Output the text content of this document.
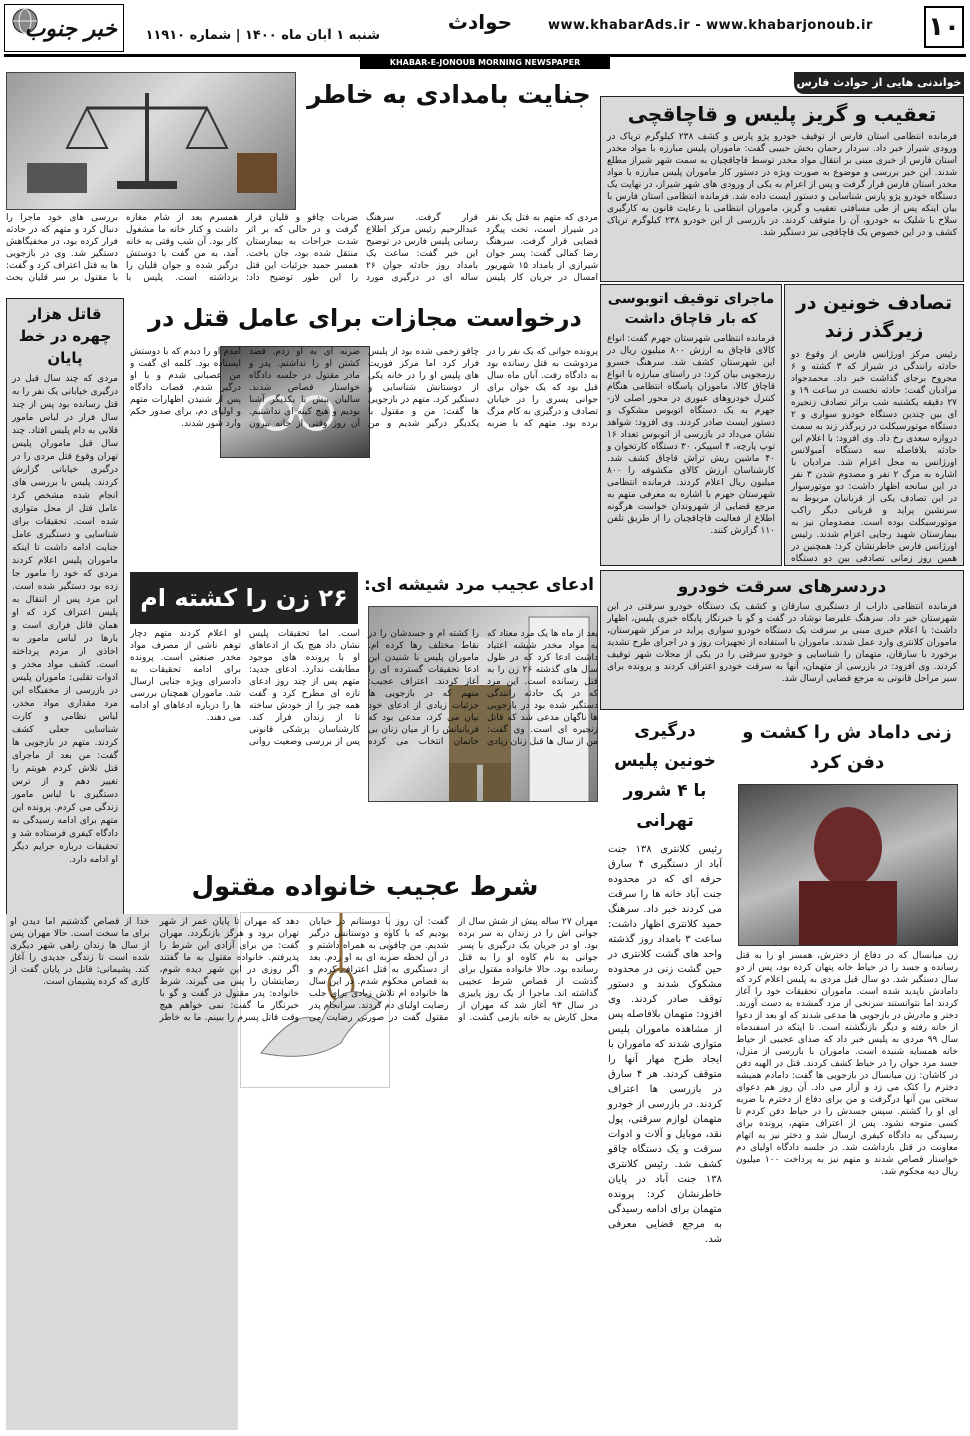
۱۰
www.khabarAds.ir - www.khabarjonoub.ir
حوادث
شنبه ۱ آبان ماه ۱۴۰۰ | شماره ۱۱۹۱۰
خبر جنوب
KHABAR-E-JONOUB MORNING NEWSPAPER
خواندنی هایی از حوادث فارس
تعقیب و گریز پلیس و قاچاقچی
فرمانده انتظامی استان فارس از توقیف خودرو پژو پارس و کشف ۲۳۸ کیلوگرم تریاک در ورودی شیراز خبر داد. سردار رحمان بخش حبیبی گفت: ماموران پلیس مبارزه با مواد مخدر استان فارس از خبری مبنی بر انتقال مواد مخدر توسط قاچاقچیان به سمت شهر شیراز مطلع شدند. این خبر بررسی و موضوع به صورت ویژه در دستور کار ماموران پلیس مبارزه با مواد مخدر استان فارس قرار گرفت و پس از اعزام به یکی از ورودی های شهر شیراز، در نهایت یک دستگاه خودرو پژو پارس شناسایی و دستور ایست داده شد. فرمانده انتظامی استان فارس با بیان اینکه پس از طی مسافتی تعقیب و گریز، ماموران انتظامی با رعایت قانون به کارگیری سلاح با شلیک به خودرو، آن را متوقف کردند. در بازرسی از این خودرو ۲۳۸ کیلوگرم تریاک کشف و در این خصوص یک قاچاقچی نیز دستگیر شد.
تصادف خونین در زیرگذر زند
رئیس مرکز اورژانس فارس از وقوع دو حادثه رانندگی در شیراز که ۳ کشته و ۶ مجروح برجای گذاشت خبر داد. محمدجواد مرادیان گفت: حادثه نخست در ساعت ۱۹ و ۲۷ دقیقه یکشنبه شب براثر تصادف زنجیره ای بین چندین دستگاه خودرو سواری و ۲ دستگاه موتورسیکلت در زیرگذر زند به سمت دروازه سعدی رخ داد. وی افزود: با اعلام این حادثه بلافاصله سه دستگاه آمبولانس اورژانس به محل اعزام شد. مرادیان با اشاره به مرگ ۲ نفر و مصدوم شدن ۳ نفر در این سانحه اظهار داشت: دو موتورسوار در این تصادف یکی از قربانیان مربوط به سرنشین پراید و قربانی دیگر راکب موتورسیکلت بوده است. مصدومان نیز به بیمارستان شهید رجایی اعزام شدند. رئیس اورژانس فارس خاطرنشان کرد: همچنین در همین روز زمانی تصادفی بین دو دستگاه
ماجرای توقیف اتوبوسی که بار قاچاق داشت
فرمانده انتظامی شهرستان جهرم گفت: انواع کالای قاچاق به ارزش ۸۰۰ میلیون ریال در این شهرستان کشف شد. سرهنگ خسرو رزمجویی بیان کرد: در راستای مبارزه با انواع قاچاق کالا، ماموران پاسگاه انتظامی هنگام کنترل خودروهای عبوری در محور اصلی لار-جهرم به یک دستگاه اتوبوس مشکوک و دستور ایست صادر کردند. وی افزود: شواهد نشان می‌داد در بازرسی از اتوبوس تعداد ۱۶ توپ پارچه، ۴ اسپیکر، ۳۰ دستگاه کارتخوان و ۴۰ ماشین ریش تراش قاچاق کشف شد. کارشناسان ارزش کالای مکشوفه را ۸۰۰ میلیون ریال اعلام کردند. فرمانده انتظامی شهرستان جهرم با اشاره به معرفی متهم به مرجع قضایی از شهروندان خواست هرگونه اطلاع از فعالیت قاچاقچیان را از طریق تلفن ۱۱۰ گزارش کنند.
دردسرهای سرقت خودرو
فرمانده انتظامی داراب از دستگیری سارقان و کشف یک دستگاه خودرو سرقتی در این شهرستان خبر داد. سرهنگ علیرضا نوشاد در گفت و گو با خبرنگار پایگاه خبری پلیس، اظهار داشت: با اعلام خبری مبنی بر سرقت یک دستگاه خودرو سواری پراید در مرکز شهرستان، ماموران کلانتری وارد عمل شدند. ماموران با استفاده از تجهیزات روز و در اجرای طرح تشدید برخورد با سارقان، متهمان را شناسایی و خودرو سرقتی را در یکی از محلات شهر توقیف کردند. وی افزود: در بازرسی از متهمان، آنها به سرقت خودرو اعتراف کردند و پرونده برای سیر مراحل قانونی به مرجع قضایی ارسال شد.
جنایت بامدادی به خاطر
مردی که متهم به قتل یک نفر در شیراز است، تحت پیگرد قضایی قرار گرفت. سرهنگ رضا کمالی گفت: پسر جوان شیرازی از بامداد ۱۵ شهریور امسال در جریان کار پلیس قرار گرفت. سرهنگ عبدالرحیم رئیس مرکز اطلاع رسانی پلیس فارس در توضیح این خبر گفت: ساعت یک بامداد روز حادثه جوان ۲۶ ساله ای در درگیری مورد ضربات چاقو و قلیان قرار گرفت و در حالی که بر اثر شدت جراحات به بیمارستان منتقل شده بود، جان باخت. همسر حمید جزئیات این قتل را این طور توضیح داد: همسرم بعد از شام مغازه داشت و کنار خانه ما مشغول کار بود. آن شب وقتی به خانه آمد، به من گفت با دوستش درگیر شده و جوان قلیان را برداشته است. پلیس با بررسی های خود ماجرا را دنبال کرد و متهم که در حادثه فرار کرده بود، در مخفیگاهش دستگیر شد. وی در بازجویی ها به قتل اعتراف کرد و گفت: با مقتول بر سر قلیان بحث
درخواست مجازات برای عامل قتل در
پرونده جوانی که یک نفر را در مزدوشت به قتل رسانده بود به دادگاه رفت. آبان ماه سال قبل بود که یک جوان برای جوانی پسری را در خیابان تصادف و درگیری به کام مرگ برده بود. متهم که با ضربه چاقو زخمی شده بود از پلیس فرار کرد اما مرکز فوریت های پلیس او را در خانه یکی از دوستانش شناسایی و دستگیر کرد. متهم در بازجویی ها گفت: من و مقتول با یکدیگر درگیر شدیم و من ضربه ای به او زدم. قصد کشتن او را نداشتم. پدر و مادر مقتول در جلسه دادگاه خواستار قصاص شدند. سالیان پیش با یکدیگر آشنا بودیم و هیچ کینه ای نداشتیم. آن روز وقتی از خانه بیرون آمدم او را دیدم که با دوستش ایستاده بود. کلمه ای گفت و من عصبانی شدم و با او درگیر شدم. قضات دادگاه پس از شنیدن اظهارات متهم و اولیای دم، برای صدور حکم وارد شور شدند.
قاتل هزار چهره در خط پایان
مردی که چند سال قبل در درگیری خیابانی یک نفر را به قتل رسانده بود پس از چند سال فرار در لباس مامور قلابی به دام پلیس افتاد. چند سال قبل ماموران پلیس تهران وقوع قتل مردی را در درگیری خیابانی گزارش کردند. پلیس با بررسی های انجام شده مشخص کرد عامل قتل از محل متواری شده است. تحقیقات برای شناسایی و دستگیری عامل جنایت ادامه داشت تا اینکه ماموران پلیس اعلام کردند مردی که خود را مامور جا زده بود دستگیر شده است. این مرد پس از انتقال به پلیس اعتراف کرد که او همان قاتل فراری است و بارها در لباس مامور به اخاذی از مردم پرداخته است. کشف مواد مخدر و ادوات تقلبی: ماموران پلیس در بازرسی از مخفیگاه این مرد مقداری مواد مخدر، لباس نظامی و کارت شناسایی جعلی کشف کردند. متهم در بازجویی ها گفت: من بعد از ماجرای قتل تلاش کردم هویتم را تغییر دهم و از ترس دستگیری با لباس مامور زندگی می کردم. پرونده این متهم برای ادامه رسیدگی به دادگاه کیفری فرستاده شد و تحقیقات درباره جرایم دیگر او ادامه دارد.
ادعای عجیب مرد شیشه ای:
۲۶ زن را کشته ام
بعد از ماه ها یک مرد معتاد که به مواد مخدر شیشه اعتیاد داشت ادعا کرد که در طول سال های گذشته ۲۶ زن را به قتل رسانده است. این مرد که در یک حادثه رانندگی دستگیر شده بود در بازجویی ها ناگهان مدعی شد که قاتل زنجیره ای است. وی گفت: من از سال ها قبل زنان زیادی را کشته ام و جسدشان را در نقاط مختلف رها کرده ام. ماموران پلیس با شنیدن این ادعا تحقیقات گسترده ای را آغاز کردند. اعتراف عجیب: متهم که در بازجویی ها جزئیات زیادی از ادعای خود بیان می کرد، مدعی بود که قربانیانش را از میان زنان بی خانمان انتخاب می کرده است. اما تحقیقات پلیس نشان داد هیچ یک از ادعاهای او با پرونده های موجود مطابقت ندارد. ادعای جدید: متهم پس از چند روز ادعای تازه ای مطرح کرد و گفت همه چیز را از خودش ساخته تا از زندان فرار کند. کارشناسان پزشکی قانونی پس از بررسی وضعیت روانی او اعلام کردند متهم دچار توهم ناشی از مصرف مواد مخدر صنعتی است. پرونده برای ادامه تحقیقات به دادسرای ویژه جنایی ارسال شد. ماموران همچنان بررسی ها را درباره ادعاهای او ادامه می دهند.
درگیری خونین پلیس با ۴ شرور تهرانی
رئیس کلانتری ۱۳۸ جنت آباد از دستگیری ۴ سارق حرفه ای که در محدوده جنت آباد خانه ها را سرقت می کردند خبر داد. سرهنگ حمید کلانتری اظهار داشت: ساعت ۳ بامداد روز گذشته واحد های گشت کلانتری در حین گشت زنی در محدوده مشکوک شدند و دستور توقف صادر کردند. وی افزود: متهمان بلافاصله پس از مشاهده ماموران پلیس متواری شدند که ماموران با ایجاد طرح مهار آنها را متوقف کردند. هر ۴ سارق در بازرسی ها اعتراف کردند. در بازرسی از خودرو متهمان لوازم سرقتی، پول نقد، موبایل و آلات و ادوات سرقت و یک دستگاه چاقو کشف شد. رئیس کلانتری ۱۳۸ جنت آباد در پایان خاطرنشان کرد: پرونده متهمان برای ادامه رسیدگی به مرجع قضایی معرفی شد.
زنی داماد ش را کشت و دفن کرد
زن میانسال که در دفاع از دخترش، همسر او را به قتل رسانده و جسد را در حیاط خانه پنهان کرده بود، پس از دو سال دستگیر شد. دو سال قبل مردی به پلیس اعلام کرد که دامادش ناپدید شده است. ماموران تحقیقات خود را آغاز کردند اما نتوانستند سرنخی از مرد گمشده به دست آورند. دختر و مادرش در بازجویی ها مدعی شدند که او بعد از دعوا از خانه رفته و دیگر بازنگشته است. تا اینکه در اسفندماه سال ۹۹ مردی به پلیس خبر داد که صدای عجیبی از حیاط خانه همسایه شنیده است. ماموران با بازرسی از منزل، جسد مرد جوان را در حیاط کشف کردند. قتل در الهیه دفن در کاشان: زن میانسال در بازجویی ها گفت: دامادم همیشه دخترم را کتک می زد و آزار می داد. آن روز هم دعوای سختی بین آنها درگرفت و من برای دفاع از دخترم با ضربه ای او را کشتم. سپس جسدش را در حیاط دفن کردم تا کسی متوجه نشود. پس از اعتراف متهم، پرونده برای رسیدگی به دادگاه کیفری ارسال شد و دختر نیز به اتهام معاونت در قتل بازداشت شد. در جلسه دادگاه اولیای دم خواستار قصاص شدند و متهم نیز به پرداخت ۱۰۰ میلیون ریال دیه محکوم شد.
شرط عجیب خانواده مقتول
مهران ۲۷ ساله پیش از شش سال از جوانی اش را در زندان به سر برده بود. او در جریان یک درگیری با پسر جوانی به نام کاوه او را به قتل رسانده بود. حالا خانواده مقتول برای گذشت از قصاص شرط عجیبی گذاشته اند. ماجرا از یک روز پاییزی در سال ۹۳ آغاز شد که مهران از محل کارش به خانه بازمی گشت. او گفت: آن روز با دوستانم در خیابان بودیم که با کاوه و دوستانش درگیر شدیم. من چاقویی به همراه داشتم و در آن لحظه ضربه ای به او زدم. بعد از دستگیری به قتل اعتراف کردم و به قصاص محکوم شدم. در این سال ها خانواده ام تلاش زیادی برای جلب رضایت اولیای دم کردند. سرانجام پدر مقتول گفت در صورتی رضایت می دهد که مهران تا پایان عمر از شهر تهران برود و هرگز بازنگردد. مهران گفت: من برای آزادی این شرط را پذیرفتم. خانواده مقتول به ما گفتند اگر روزی در این شهر دیده شوم، رضایتشان را پس می گیرند. شرط خانواده: پدر مقتول در گفت و گو با خبرنگار ما گفت: نمی خواهم هیچ وقت قاتل پسرم را ببینم. ما به خاطر خدا از قصاص گذشتیم اما دیدن او برای ما سخت است. حالا مهران پس از سال ها زندان راهی شهر دیگری شده است تا زندگی جدیدی را آغاز کند. پشیمانی: قاتل در پایان گفت از کاری که کرده پشیمان است.
